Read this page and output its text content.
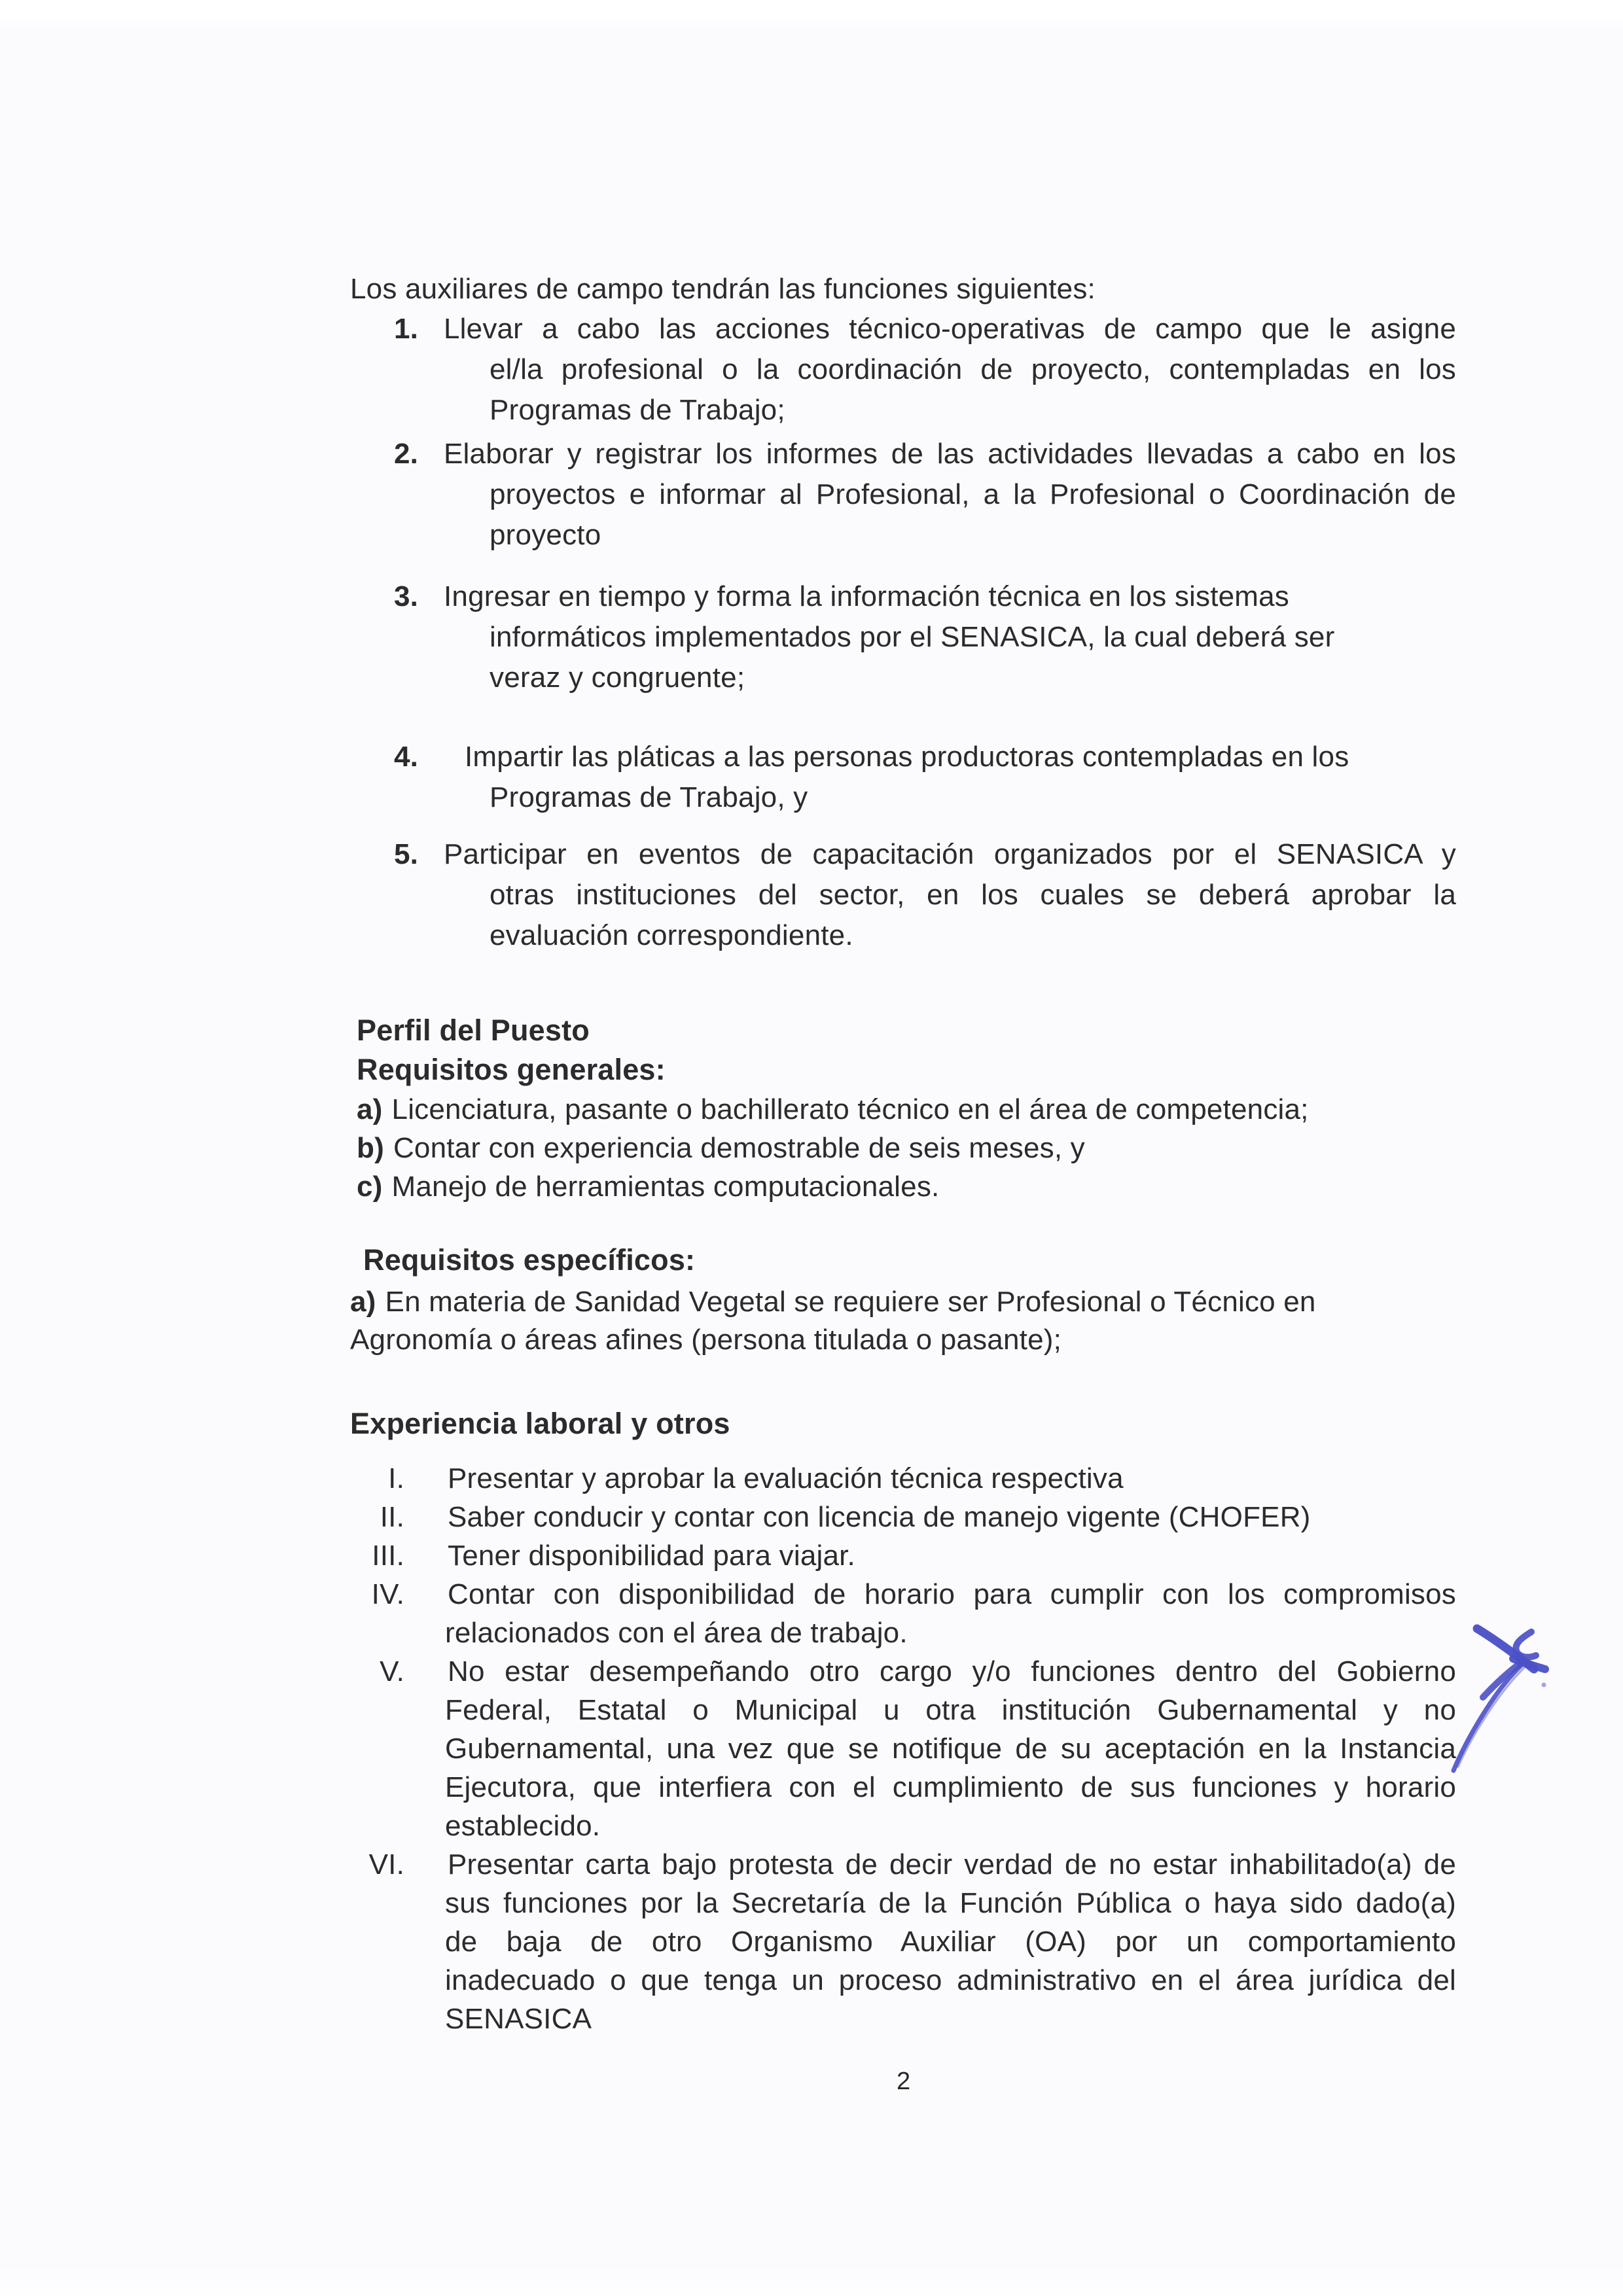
Los auxiliares de campo tendrán las funciones siguientes:

1. Llevar a cabo las acciones técnico-operativas de campo que le asigne
el/la profesional o la coordinación de proyecto, contempladas en los
Programas de Trabajo;
2. Elaborar y registrar los informes de las actividades llevadas a cabo en los
proyectos e informar al Profesional, a la Profesional o Coordinación de
proyecto
3. Ingresar en tiempo y forma la información técnica en los sistemas
informáticos implementados por el SENASICA, la cual deberá ser
veraz y congruente;
4.	Impartir las pláticas a las personas productoras contempladas en los
Programas de Trabajo, y
5. Participar en eventos de capacitación organizados por el SENASICA y
otras instituciones del sector, en los cuales se deberá aprobar la
evaluación correspondiente.
Perfil del Puesto
Requisitos generales:
a) Licenciatura, pasante o bachillerato técnico en el área de competencia;
b) Contar con experiencia demostrable de seis meses, y
c) Manejo de herramientas computacionales.
Requisitos específicos:
a) En materia de Sanidad Vegetal se requiere ser Profesional o Técnico en
Agronomía o áreas afines (persona titulada o pasante);
Experiencia laboral y otros
I.	Presentar y aprobar la evaluación técnica respectiva
II.	Saber conducir y contar con licencia de manejo vigente (CHOFER)
III.	Tener disponibilidad para viajar.
IV.	Contar con disponibilidad de horario para cumplir con los compromisos
relacionados con el área de trabajo.
V.	No estar desempeñando otro cargo y/o funciones dentro del Gobierno
Federal, Estatal o Municipal u otra institución Gubernamental y no
Gubernamental, una vez que se notifique de su aceptación en la Instancia
Ejecutora, que interfiera con el cumplimiento de sus funciones y horario
establecido.
VI.	Presentar carta bajo protesta de decir verdad de no estar inhabilitado(a) de
sus funciones por la Secretaría de la Función Pública o haya sido dado(a)
de baja de otro Organismo Auxiliar (OA) por un comportamiento
inadecuado o que tenga un proceso administrativo en el área jurídica del
SENASICA
2
